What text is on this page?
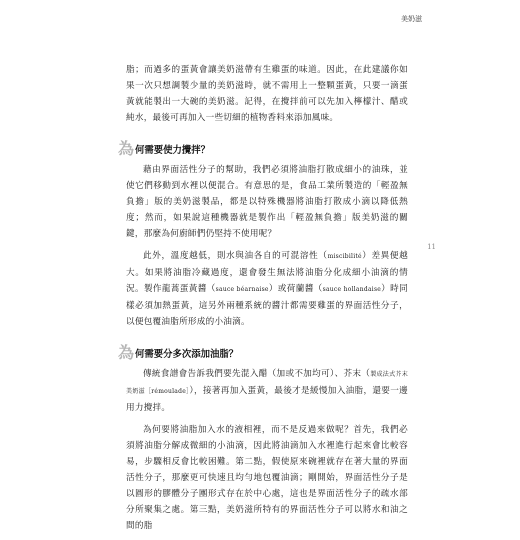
美奶滋
11

脂；而過多的蛋黃會讓美奶滋帶有生雞蛋的味道。因此，在此建議你如果一次只想調製少量的美奶滋時，就不需用上一整顆蛋黃，只要一滴蛋黃就能製出一大碗的美奶滋。記得，在攪拌前可以先加入檸檬汁、醋或純水，最後可再加入一些切細的植物香料來添加風味。

為 何需要使力攪拌？

藉由界面活性分子的幫助，我們必須將油脂打散成細小的油珠，並使它們移動到水裡以便混合。有意思的是，食品工業所製造的「輕盈無負擔」版的美奶滋製品，都是以特殊機器將油脂打散成小滴以降低熱度；然而，如果說這種機器就是製作出「輕盈無負擔」版美奶滋的關鍵，那麼為何廚師們仍堅持不使用呢？

此外，溫度越低，則水與油各自的可混溶性（miscibilité）差異便越大。如果將油脂冷藏過度，還會發生無法將油脂分化成細小油滴的情況。製作龍蒿蛋黃醬（sauce béarnaise）或荷蘭醬（sauce hollandaise）時同樣必須加熱蛋黃，這另外兩種系統的醬汁都需要雞蛋的界面活性分子，以便包覆油脂所形成的小油滴。

為 何需要分多次添加油脂？

傳統食譜會告訴我們要先混入醋（加或不加均可）、芥末（製成法式芥末美奶滋［rémoulade］），接著再加入蛋黃，最後才是緩慢加入油脂，還要一邊用力攪拌。

為何要將油脂加入水的液相裡，而不是反過來做呢？首先，我們必須將油脂分解成微細的小油滴，因此將油滴加入水裡進行起來會比較容易，步驟相反會比較困難。第二點，假使原來碗裡就存在著大量的界面活性分子，那麼更可快速且均勻地包覆油滴；剛開始，界面活性分子是以圓形的膠體分子團形式存在於中心處，這也是界面活性分子的疏水部分所聚集之處。第三點，美奶滋所特有的界面活性分子可以將水和油之間的脂
